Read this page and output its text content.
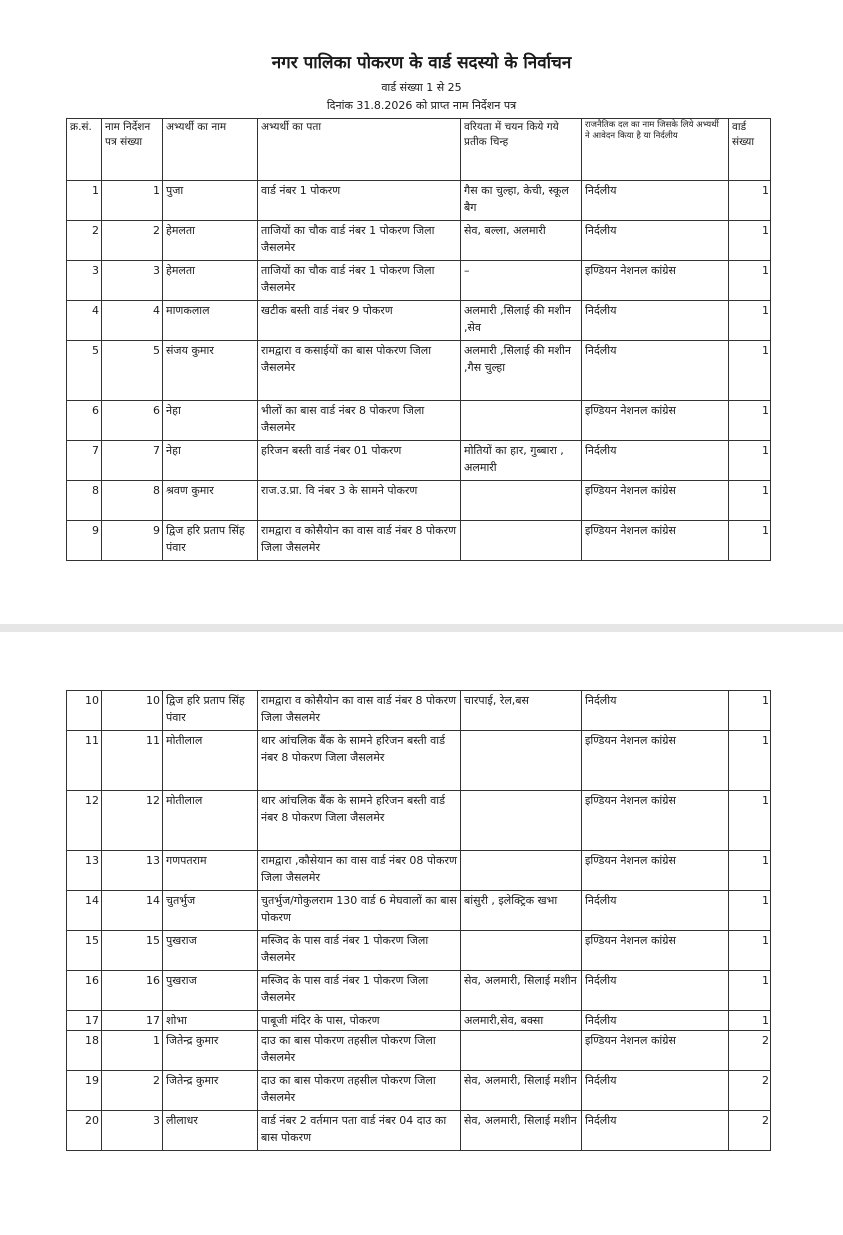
नगर पालिका पोकरण के वार्ड सदस्यो के निर्वाचन
वार्ड संख्या 1 से 25
दिनांक 31.8.2026 को प्राप्त नाम निर्देशन पत्र
क्र.सं.	नाम निर्देशन पत्र संख्या	अभ्यर्थी का नाम	अभ्यर्थी का पता	वरियता में चयन किये गये प्रतीक चिन्ह	राजनैतिक दल का नाम जिसके लिये अभ्यर्थी ने आवेदन किया है या निर्दलीय	वार्ड संख्या
1	1	पुजा	वार्ड नंबर 1 पोकरण	गैस का चुल्हा, केची, स्कूल बैग	निर्दलीय	1
2	2	हेमलता	ताजियों का चौक वार्ड नंबर 1 पोकरण जिला जैसलमेर	सेव, बल्ला, अलमारी	निर्दलीय	1
3	3	हेमलता	ताजियों का चौक वार्ड नंबर 1 पोकरण जिला जैसलमेर	–	इण्डियन नेशनल कांग्रेस	1
4	4	माणकलाल	खटीक बस्ती वार्ड नंबर 9 पोकरण	अलमारी ,सिलाई की मशीन ,सेव	निर्दलीय	1
5	5	संजय कुमार	रामद्वारा व कसाईयों का बास पोकरण जिला जैसलमेर	अलमारी ,सिलाई की मशीन ,गैस चुल्हा	निर्दलीय	1
6	6	नेहा	भीलों का बास वार्ड नंबर 8 पोकरण जिला जैसलमेर		इण्डियन नेशनल कांग्रेस	1
7	7	नेहा	हरिजन बस्ती वार्ड नंबर 01 पोकरण	मोतियों का हार, गुब्बारा , अलमारी	निर्दलीय	1
8	8	श्रवण कुमार	राज.उ.प्रा. वि नंबर 3 के सामने पोकरण		इण्डियन नेशनल कांग्रेस	1
9	9	द्विज हरि प्रताप सिंह पंवार	रामद्वारा व कोसैयोन का वास वार्ड नंबर 8 पोकरण जिला जैसलमेर		इण्डियन नेशनल कांग्रेस	1
10	10	द्विज हरि प्रताप सिंह पंवार	रामद्वारा व कोसैयोन का वास वार्ड नंबर 8 पोकरण जिला जैसलमेर	चारपाई, रेल,बस	निर्दलीय	1
11	11	मोतीलाल	थार आंचलिक बैंक के सामने हरिजन बस्ती वार्ड नंबर 8 पोकरण जिला जैसलमेर		इण्डियन नेशनल कांग्रेस	1
12	12	मोतीलाल	थार आंचलिक बैंक के सामने हरिजन बस्ती वार्ड नंबर 8 पोकरण जिला जैसलमेर		इण्डियन नेशनल कांग्रेस	1
13	13	गणपतराम	रामद्वारा ,कौसेयान का वास वार्ड नंबर 08 पोकरण जिला जैसलमेर		इण्डियन नेशनल कांग्रेस	1
14	14	चुतर्भुज	चुतर्भुज/गोकुलराम 130 वार्ड 6 मेघवालों का बास पोकरण	बांसुरी , इलेक्ट्रिक खभा	निर्दलीय	1
15	15	पुखराज	मस्जिद के पास वार्ड नंबर 1 पोकरण जिला जैसलमेर		इण्डियन नेशनल कांग्रेस	1
16	16	पुखराज	मस्जिद के पास वार्ड नंबर 1 पोकरण जिला जैसलमेर	सेव, अलमारी, सिलाई मशीन	निर्दलीय	1
17	17	शोभा	पाबूजी मंदिर के पास, पोकरण	अलमारी,सेव, बक्सा	निर्दलीय	1
18	1	जितेन्द्र कुमार	दाउ का बास पोकरण तहसील पोकरण जिला जैसलमेर		इण्डियन नेशनल कांग्रेस	2
19	2	जितेन्द्र कुमार	दाउ का बास पोकरण तहसील पोकरण जिला जैसलमेर	सेव, अलमारी, सिलाई मशीन	निर्दलीय	2
20	3	लीलाधर	वार्ड नंबर 2 वर्तमान पता वार्ड नंबर 04 दाउ का बास पोकरण	सेव, अलमारी, सिलाई मशीन	निर्दलीय	2
